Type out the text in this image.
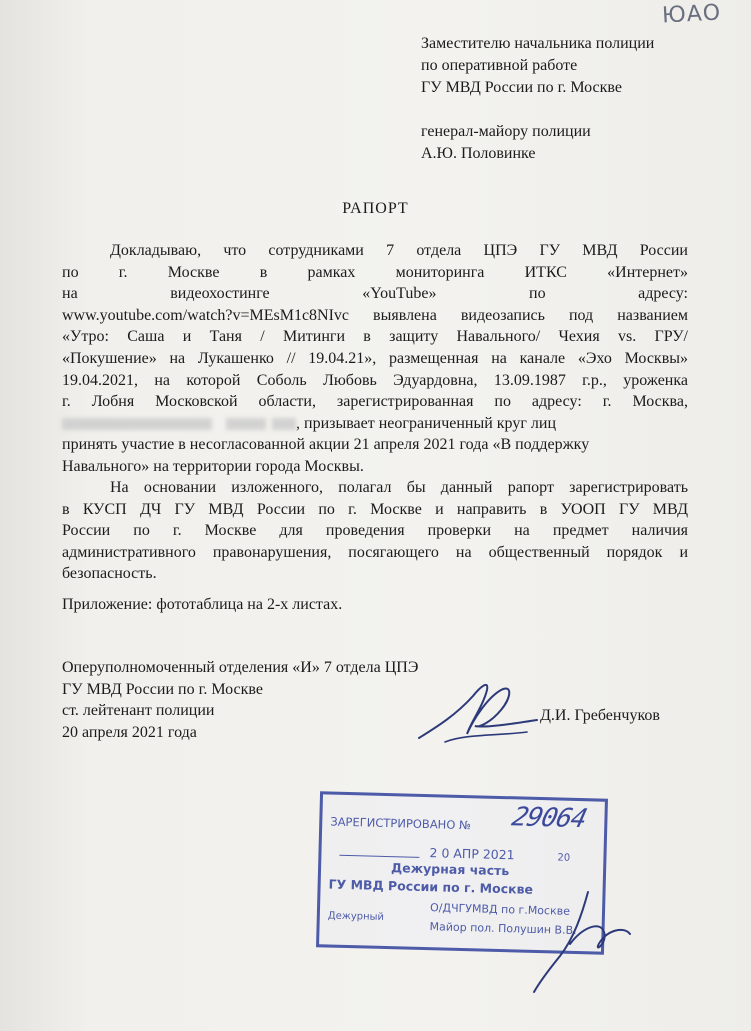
ЮАО
Заместителю начальника полиции
по оперативной работе
ГУ МВД России по г. Москве
генерал-майору полиции
А.Ю. Половинке
РАПОРТ
Докладываю, что сотрудниками 7 отдела ЦПЭ ГУ МВД России
по г. Москве в рамках мониторинга ИТКС «Интернет»
на видеохостинге «YouTube» по адресу:
www.youtube.com/watch?v=MEsM1c8NIvc выявлена видеозапись под названием
«Утро: Саша и Таня / Митинги в защиту Навального/ Чехия vs. ГРУ/
«Покушение» на Лукашенко // 19.04.21», размещенная на канале «Эхо Москвы»
19.04.2021, на которой Соболь Любовь Эдуардовна, 13.09.1987 г.р., уроженка
г. Лобня Московской области, зарегистрированная по адресу: г. Москва,
, призывает неограниченный круг лиц
принять участие в несогласованной акции 21 апреля 2021 года «В поддержку
Навального» на территории города Москвы.
На основании изложенного, полагал бы данный рапорт зарегистрировать
в КУСП ДЧ ГУ МВД России по г. Москве и направить в УООП ГУ МВД
России по г. Москве для проведения проверки на предмет наличия
административного правонарушения, посягающего на общественный порядок и
безопасность.
Приложение: фототаблица на 2-х листах.
Оперуполномоченный отделения «И» 7 отдела ЦПЭ
ГУ МВД России по г. Москве
ст. лейтенант полиции
20 апреля 2021 года
Д.И. Гребенчуков
ЗАРЕГИСТРИРОВАНО № 29064
2 0 АПР 2021	20
Дежурная часть
ГУ МВД России по г. Москве
О/ДЧГУМВД по г.Москве
Дежурный
Майор пол. Полушин В.В.
